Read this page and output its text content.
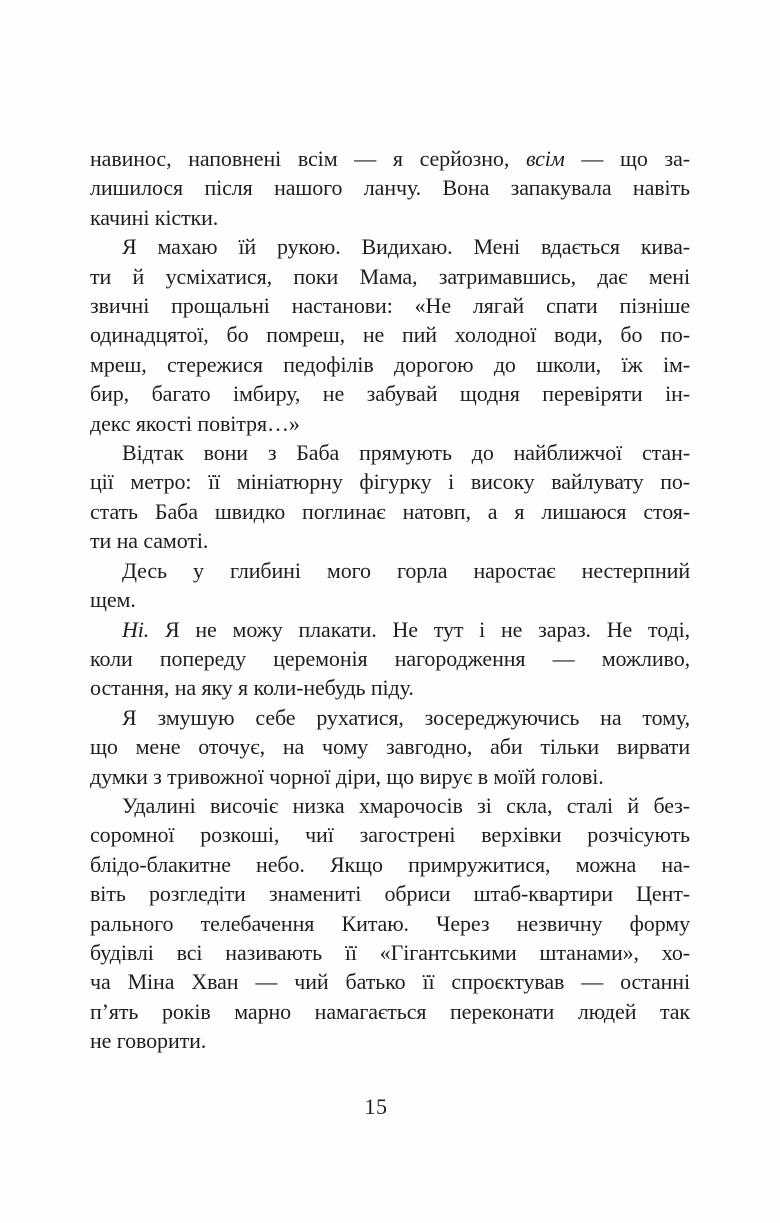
навинос, наповнені всім — я серйозно, всім — що за-
лишилося після нашого ланчу. Вона запакувала навіть
качині кістки.
Я махаю їй рукою. Видихаю. Мені вдається кива-
ти й усміхатися, поки Мама, затримавшись, дає мені
звичні прощальні настанови: «Не лягай спати пізніше
одинадцятої, бо помреш, не пий холодної води, бо по-
мреш, стережися педофілів дорогою до школи, їж ім-
бир, багато імбиру, не забувай щодня перевіряти ін-
декс якості повітря…»
Відтак вони з Баба прямують до найближчої стан-
ції метро: її мініатюрну фігурку і високу вайлувату по-
стать Баба швидко поглинає натовп, а я лишаюся стоя-
ти на самоті.
Десь у глибині мого горла наростає нестерпний
щем.
Ні. Я не можу плакати. Не тут і не зараз. Не тоді,
коли попереду церемонія нагородження — можливо,
остання, на яку я коли-небудь піду.
Я змушую себе рухатися, зосереджуючись на тому,
що мене оточує, на чому завгодно, аби тільки вирвати
думки з тривожної чорної діри, що вирує в моїй голові.
Удалині височіє низка хмарочосів зі скла, сталі й без-
соромної розкоші, чиї загострені верхівки розчісують
блідо-блакитне небо. Якщо примружитися, можна на-
віть розгледіти знамениті обриси штаб-квартири Цент-
рального телебачення Китаю. Через незвичну форму
будівлі всі називають її «Гігантськими штанами», хо-
ча Міна Хван — чий батько її спроєктував — останні
п’ять років марно намагається переконати людей так
не говорити.
15
